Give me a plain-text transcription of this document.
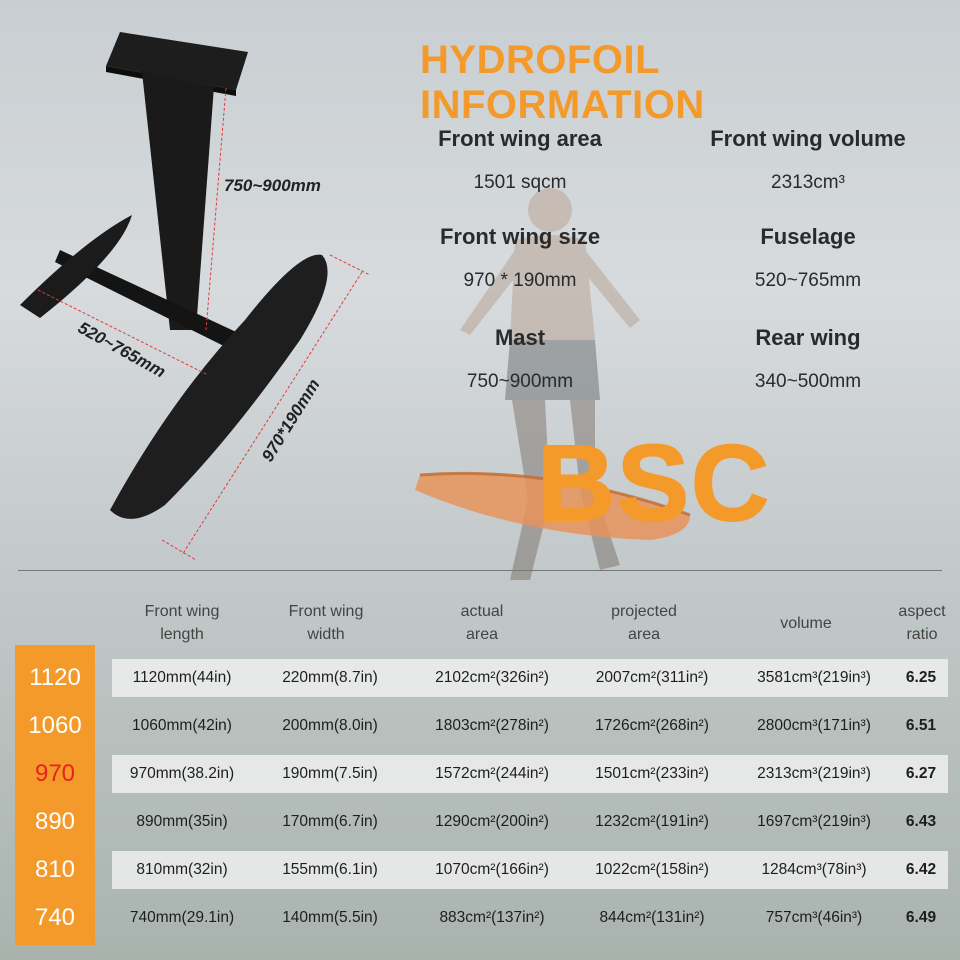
750~900mm
520~765mm
970*190mm
HYDROFOIL INFORMATION
Front wing area
1501 sqcm
Front wing volume
2313cm³
Front wing size
970 * 190mm
Fuselage
520~765mm
Mast
750~900mm
Rear wing
340~500mm
BSC
Front wing
length
Front wing
width
actual
area
projected
area
volume
aspect
ratio
1120	1120mm(44in)	220mm(8.7in)	2102cm²(326in²)	2007cm²(311in²)	3581cm³(219in³)	6.25
1060	1060mm(42in)	200mm(8.0in)	1803cm²(278in²)	1726cm²(268in²)	2800cm³(171in³)	6.51
970	970mm(38.2in)	190mm(7.5in)	1572cm²(244in²)	1501cm²(233in²)	2313cm³(219in³)	6.27
890	890mm(35in)	170mm(6.7in)	1290cm²(200in²)	1232cm²(191in²)	1697cm³(219in³)	6.43
810	810mm(32in)	155mm(6.1in)	1070cm²(166in²)	1022cm²(158in²)	1284cm³(78in³)	6.42
740	740mm(29.1in)	140mm(5.5in)	883cm²(137in²)	844cm²(131in²)	757cm³(46in³)	6.49
